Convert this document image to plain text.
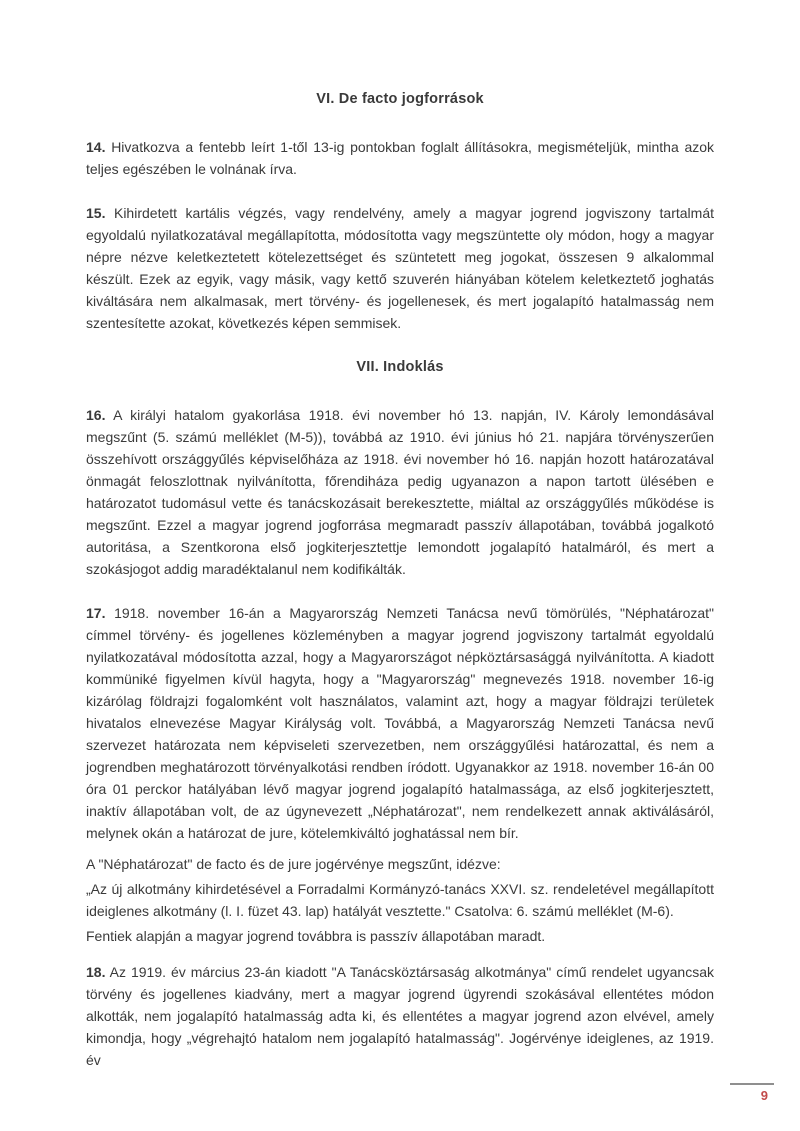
VI. De facto jogforrások

14. Hivatkozva a fentebb leírt 1-től 13-ig pontokban foglalt állításokra, megismételjük, mintha azok teljes egészében le volnának írva.

15. Kihirdetett kartális végzés, vagy rendelvény, amely a magyar jogrend jogviszony tartalmát egyoldalú nyilatkozatával megállapította, módosította vagy megszüntette oly módon, hogy a magyar népre nézve keletkeztetett kötelezettséget és szüntetett meg jogokat, összesen 9 alkalommal készült. Ezek az egyik, vagy másik, vagy kettő szuverén hiányában kötelem keletkeztető joghatás kiváltására nem alkalmasak, mert törvény- és jogellenesek, és mert jogalapító hatalmasság nem szentesítette azokat, következés képen semmisek.

VII. Indoklás

16. A királyi hatalom gyakorlása 1918. évi november hó 13. napján, IV. Károly lemondásával megszűnt (5. számú melléklet (M-5)), továbbá az 1910. évi június hó 21. napjára törvényszerűen összehívott országgyűlés képviselőháza az 1918. évi november hó 16. napján hozott határozatával önmagát feloszlottnak nyilvánította, főrendiháza pedig ugyanazon a napon tartott ülésében e határozatot tudomásul vette és tanácskozásait berekesztette, miáltal az országgyűlés működése is megszűnt. Ezzel a magyar jogrend jogforrása megmaradt passzív állapotában, továbbá jogalkotó autoritása, a Szentkorona első jogkiterjesztettje lemondott jogalapító hatalmáról, és mert a szokásjogot addig maradéktalanul nem kodifikálták.

17. 1918. november 16-án a Magyarország Nemzeti Tanácsa nevű tömörülés, "Néphatározat" címmel törvény- és jogellenes közleményben a magyar jogrend jogviszony tartalmát egyoldalú nyilatkozatával módosította azzal, hogy a Magyarországot népköztársasággá nyilvánította. A kiadott kommüniké figyelmen kívül hagyta, hogy a "Magyarország" megnevezés 1918. november 16-ig kizárólag földrajzi fogalomként volt használatos, valamint azt, hogy a magyar földrajzi területek hivatalos elnevezése Magyar Királyság volt. Továbbá, a Magyarország Nemzeti Tanácsa nevű szervezet határozata nem képviseleti szervezetben, nem országgyűlési határozattal, és nem a jogrendben meghatározott törvényalkotási rendben íródott. Ugyanakkor az 1918. november 16-án 00 óra 01 perckor hatályában lévő magyar jogrend jogalapító hatalmassága, az első jogkiterjesztett, inaktív állapotában volt, de az úgynevezett „Néphatározat", nem rendelkezett annak aktiválásáról, melynek okán a határozat de jure, kötelemkiváltó joghatással nem bír.

A "Néphatározat" de facto és de jure jogérvénye megszűnt, idézve:

„Az új alkotmány kihirdetésével a Forradalmi Kormányzó-tanács XXVI. sz. rendeletével megállapított ideiglenes alkotmány (l. I. füzet 43. lap) hatályát vesztette." Csatolva: 6. számú melléklet (M-6).

Fentiek alapján a magyar jogrend továbbra is passzív állapotában maradt.

18. Az 1919. év március 23-án kiadott "A Tanácsköztársaság alkotmánya" című rendelet ugyancsak törvény és jogellenes kiadvány, mert a magyar jogrend ügyrendi szokásával ellentétes módon alkották, nem jogalapító hatalmasság adta ki, és ellentétes a magyar jogrend azon elvével, amely kimondja, hogy „végrehajtó hatalom nem jogalapító hatalmasság". Jogérvénye ideiglenes, az 1919. év

9
